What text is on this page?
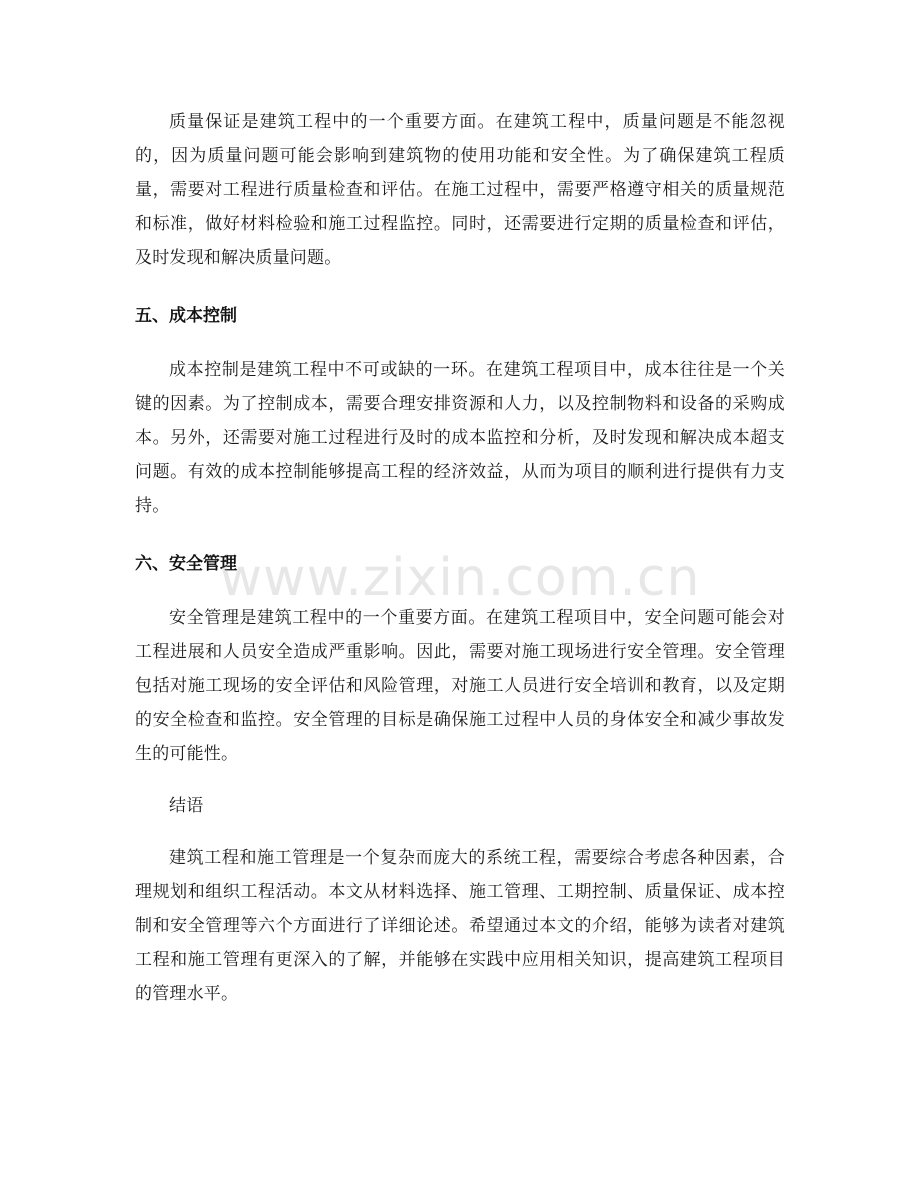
质量保证是建筑工程中的一个重要方面。在建筑工程中，质量问题是不能忽视的，因为质量问题可能会影响到建筑物的使用功能和安全性。为了确保建筑工程质量，需要对工程进行质量检查和评估。在施工过程中，需要严格遵守相关的质量规范和标准，做好材料检验和施工过程监控。同时，还需要进行定期的质量检查和评估，及时发现和解决质量问题。

五、成本控制

成本控制是建筑工程中不可或缺的一环。在建筑工程项目中，成本往往是一个关键的因素。为了控制成本，需要合理安排资源和人力，以及控制物料和设备的采购成本。另外，还需要对施工过程进行及时的成本监控和分析，及时发现和解决成本超支问题。有效的成本控制能够提高工程的经济效益，从而为项目的顺利进行提供有力支持。

六、安全管理

安全管理是建筑工程中的一个重要方面。在建筑工程项目中，安全问题可能会对工程进展和人员安全造成严重影响。因此，需要对施工现场进行安全管理。安全管理包括对施工现场的安全评估和风险管理，对施工人员进行安全培训和教育，以及定期的安全检查和监控。安全管理的目标是确保施工过程中人员的身体安全和减少事故发生的可能性。

结语

建筑工程和施工管理是一个复杂而庞大的系统工程，需要综合考虑各种因素，合理规划和组织工程活动。本文从材料选择、施工管理、工期控制、质量保证、成本控制和安全管理等六个方面进行了详细论述。希望通过本文的介绍，能够为读者对建筑工程和施工管理有更深入的了解，并能够在实践中应用相关知识，提高建筑工程项目的管理水平。

www.zixin.com.cn
